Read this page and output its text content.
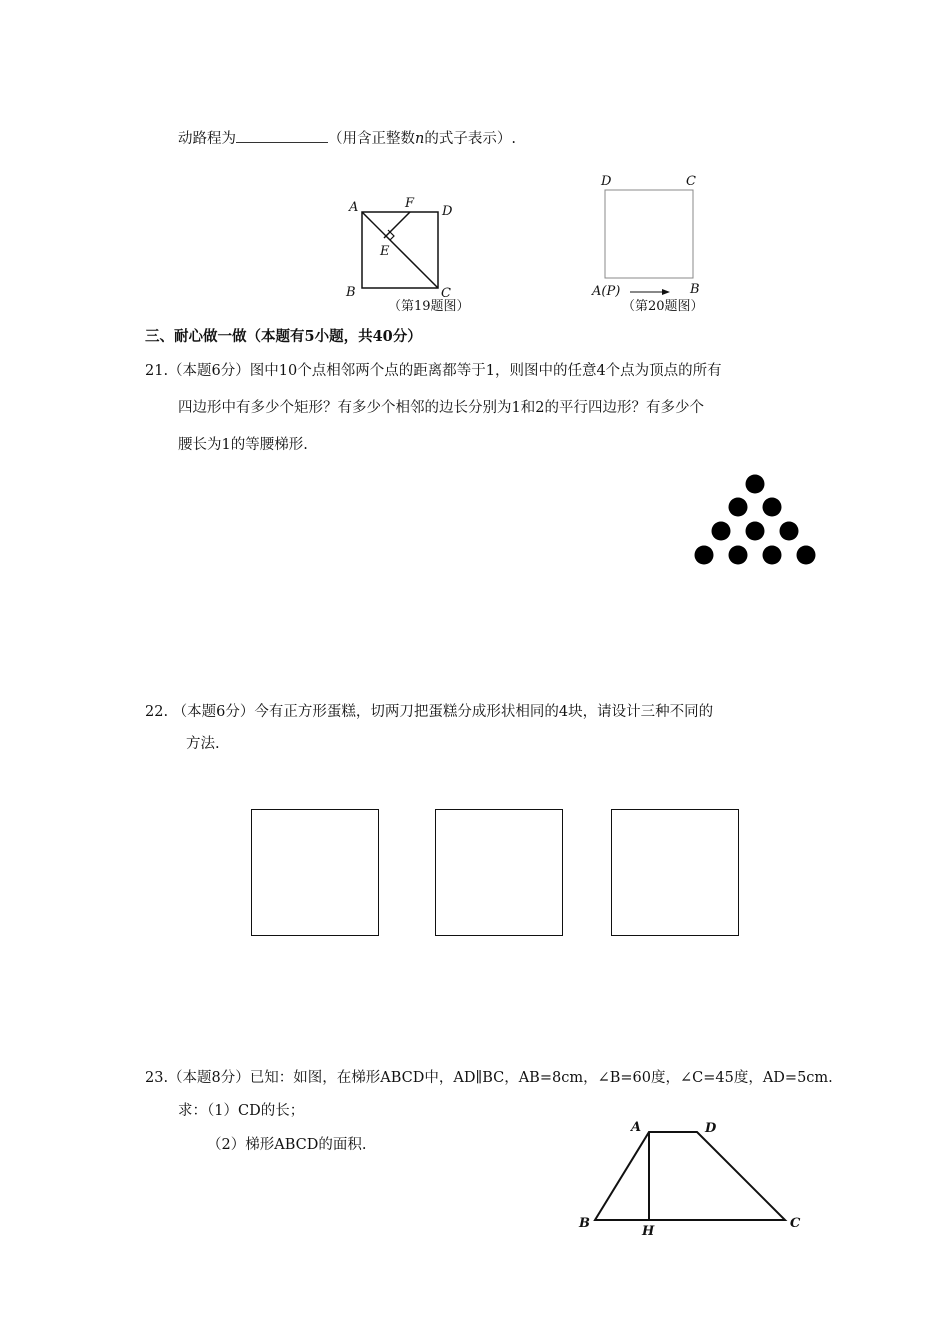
动路程为	（用含正整数n的式子表示）.
A	F
D
E
B	C
（第19题图）
D	C
A(P)	B
（第20题图）
三、耐心做一做（本题有5小题，共40分）
21.（本题6分）图中10个点相邻两个点的距离都等于1，则图中的任意4个点为顶点的所有
四边形中有多少个矩形？有多少个相邻的边长分别为1和2的平行四边形？有多少个
腰长为1的等腰梯形.
22. （本题6分）今有正方形蛋糕，切两刀把蛋糕分成形状相同的4块，请设计三种不同的
方法.
23.（本题8分）已知：如图，在梯形ABCD中，AD∥BC，AB=8cm，∠B=60度，∠C=45度，AD=5cm.
求：（1）CD的长；
（2）梯形ABCD的面积.
A	D
B
H
C
